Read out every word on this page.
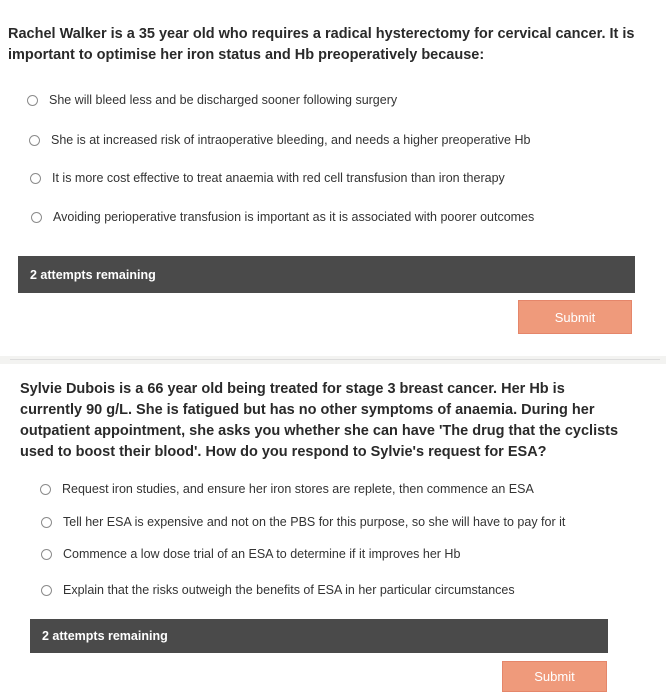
Rachel Walker is a 35 year old who requires a radical hysterectomy for cervical cancer. It is important to optimise her iron status and Hb preoperatively because:
She will bleed less and be discharged sooner following surgery
She is at increased risk of intraoperative bleeding, and needs a higher preoperative Hb
It is more cost effective to treat anaemia with red cell transfusion than iron therapy
Avoiding perioperative transfusion is important as it is associated with poorer outcomes
2 attempts remaining
Submit
Sylvie Dubois is a 66 year old being treated for stage 3 breast cancer. Her Hb is currently 90 g/L. She is fatigued but has no other symptoms of anaemia. During her outpatient appointment, she asks you whether she can have 'The drug that the cyclists used to boost their blood'. How do you respond to Sylvie's request for ESA?
Request iron studies, and ensure her iron stores are replete, then commence an ESA
Tell her ESA is expensive and not on the PBS for this purpose, so she will have to pay for it
Commence a low dose trial of an ESA to determine if it improves her Hb
Explain that the risks outweigh the benefits of ESA in her particular circumstances
2 attempts remaining
Submit
